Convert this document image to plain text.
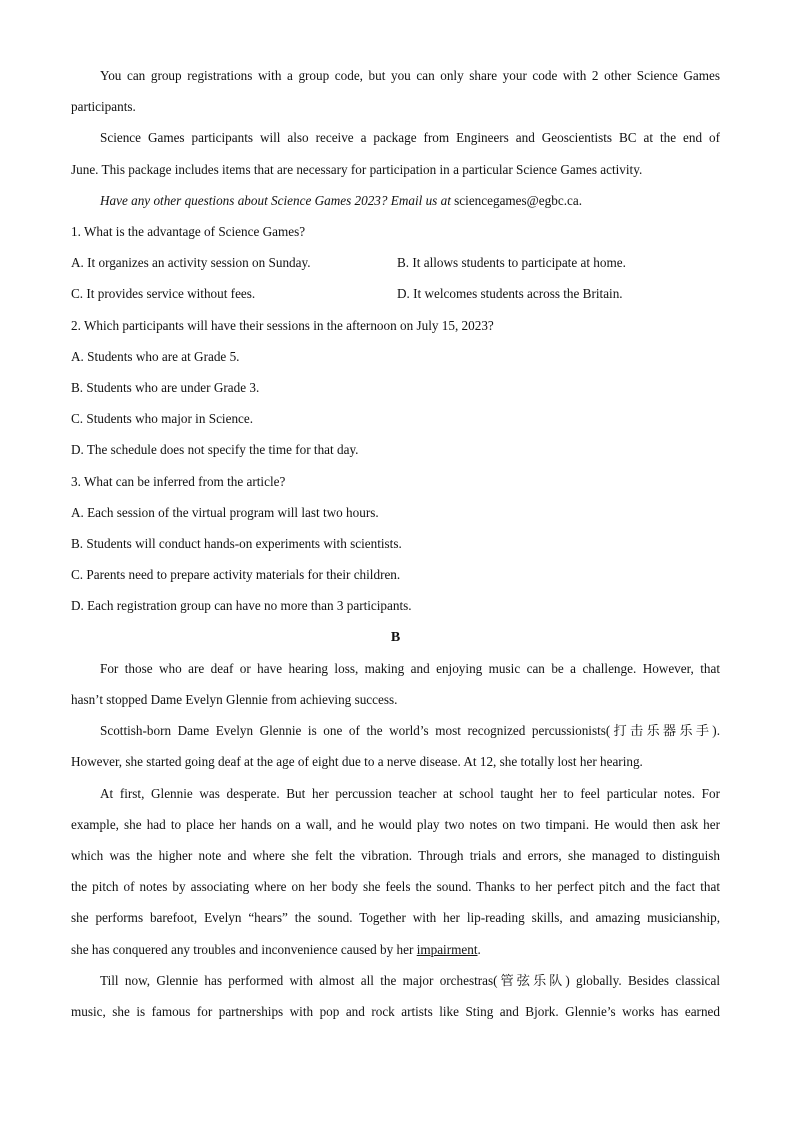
You can group registrations with a group code, but you can only share your code with 2 other Science Games
participants.
Science Games participants will also receive a package from Engineers and Geoscientists BC at the end of
June. This package includes items that are necessary for participation in a particular Science Games activity.
Have any other questions about Science Games 2023? Email us at sciencegames@egbc.ca.
1. What is the advantage of Science Games?
A. It organizes an activity session on Sunday.	B. It allows students to participate at home.
C. It provides service without fees.	D. It welcomes students across the Britain.
2. Which participants will have their sessions in the afternoon on July 15, 2023?
A. Students who are at Grade 5.
B. Students who are under Grade 3.
C. Students who major in Science.
D. The schedule does not specify the time for that day.
3. What can be inferred from the article?
A. Each session of the virtual program will last two hours.
B. Students will conduct hands-on experiments with scientists.
C. Parents need to prepare activity materials for their children.
D. Each registration group can have no more than 3 participants.
B
For those who are deaf or have hearing loss, making and enjoying music can be a challenge. However, that
hasn’t stopped Dame Evelyn Glennie from achieving success.
Scottish-born Dame Evelyn Glennie is one of the world’s most recognized percussionists(打击乐器乐手).
However, she started going deaf at the age of eight due to a nerve disease. At 12, she totally lost her hearing.
At first, Glennie was desperate. But her percussion teacher at school taught her to feel particular notes. For
example, she had to place her hands on a wall, and he would play two notes on two timpani. He would then ask her
which was the higher note and where she felt the vibration. Through trials and errors, she managed to distinguish
the pitch of notes by associating where on her body she feels the sound. Thanks to her perfect pitch and the fact that
she performs barefoot, Evelyn “hears” the sound. Together with her lip-reading skills, and amazing musicianship,
she has conquered any troubles and inconvenience caused by her impairment.
Till now, Glennie has performed with almost all the major orchestras(管弦乐队) globally. Besides classical
music, she is famous for partnerships with pop and rock artists like Sting and Bjork. Glennie’s works has earned
